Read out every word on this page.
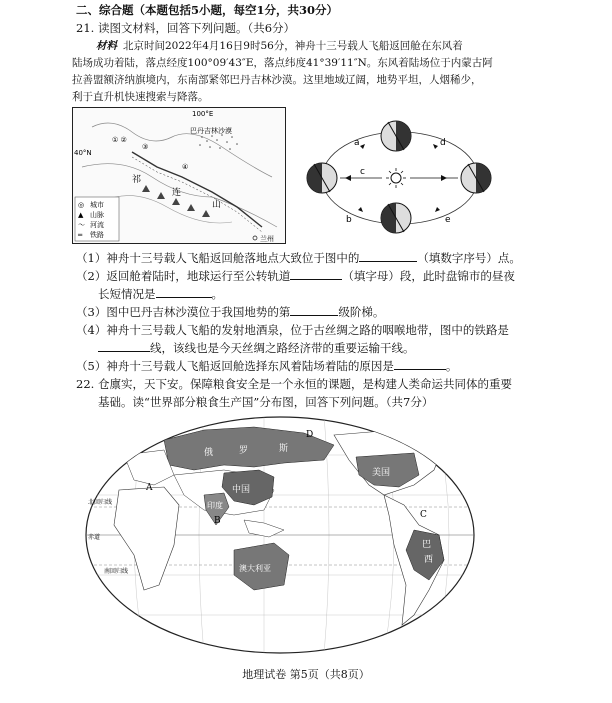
二、综合题（本题包括5小题，每空1分，共30分）
21. 读图文材料，回答下列问题。（共6分）
材料 北京时间2022年4月16日9时56分，神舟十三号载人飞船返回舱在东风着
陆场成功着陆，落点经度100°09′43″E，落点纬度41°39′11″N。东风着陆场位于内蒙古阿
拉善盟额济纳旗境内，东南部紧邻巴丹吉林沙漠。这里地域辽阔，地势平坦，人烟稀少，
利于直升机快速搜索与降落。
巴丹吉林沙漠
① ②
③
④
祁
连
山
兰州
100°E
40°N
◎ 城市
▲ 山脉
～ 河流
═ 铁路
a
b
c
d
e
（1）神舟十三号载人飞船返回舱落地点大致位于图中的	（填数字序号）点。
（2）返回舱着陆时，地球运行至公转轨道	（填字母）段，此时盘锦市的昼夜
长短情况是	。
（3）图中巴丹吉林沙漠位于我国地势的第	级阶梯。
（4）神舟十三号载人飞船的发射地酒泉，位于古丝绸之路的咽喉地带，图中的铁路是
线，该线也是今天丝绸之路经济带的重要运输干线。
（5）神舟十三号载人飞船返回舱选择东风着陆场着陆的原因是	。
22. 仓廪实，天下安。保障粮食安全是一个永恒的课题，是构建人类命运共同体的重要
基础。读“世界部分粮食生产国”分布图，回答下列问题。（共7分）
俄	罗	斯
中国
印度
美国
巴
西
澳大利亚
A
B
C
D
赤道
北回归线
南回归线
地理试卷 第5页（共8页）
